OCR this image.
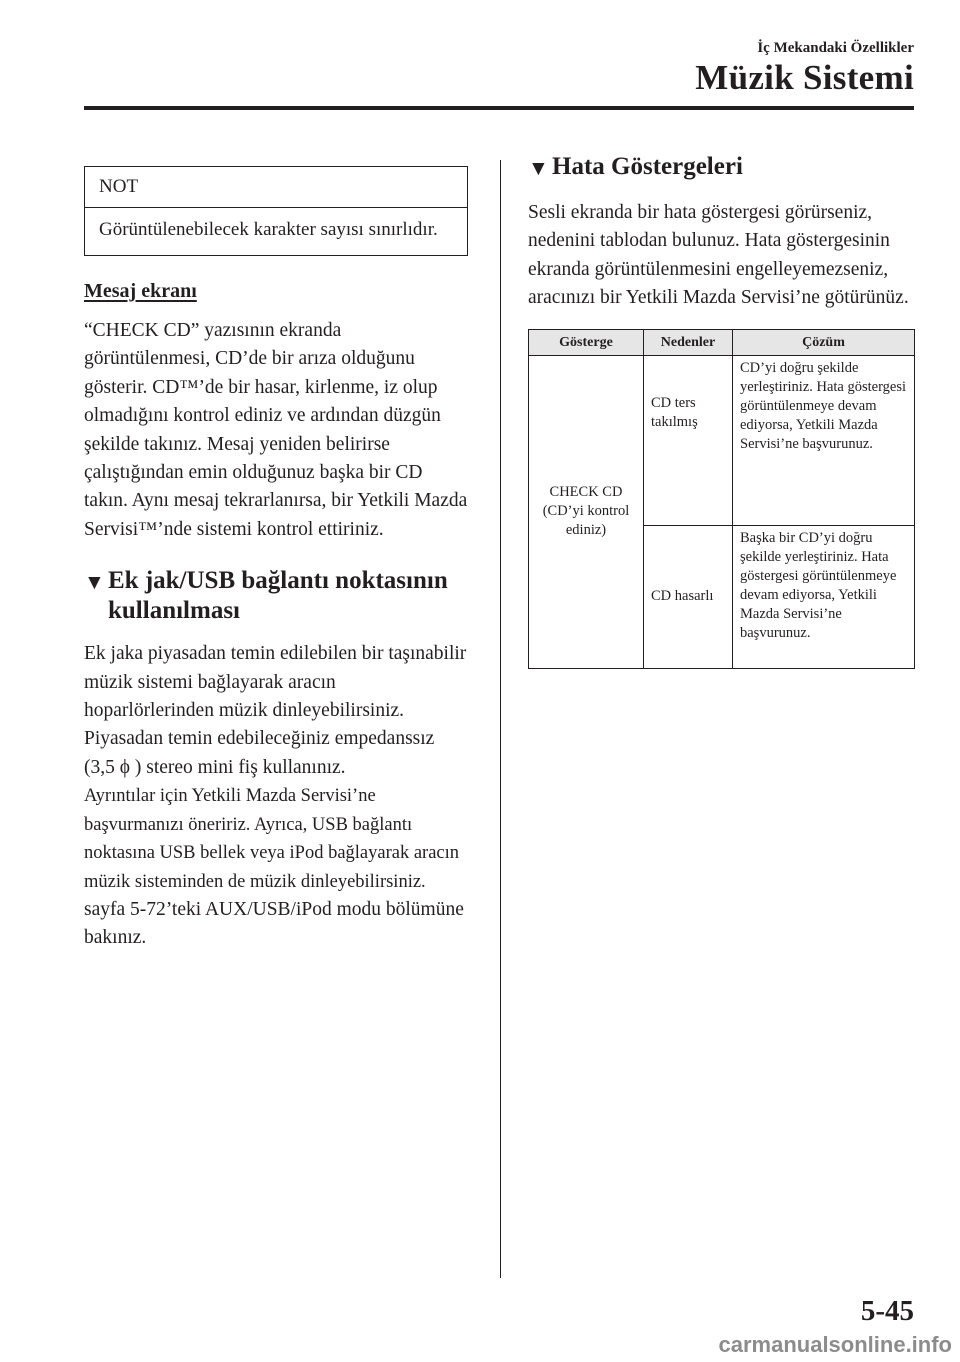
İç Mekandaki Özellikler
Müzik Sistemi
NOT
Görüntülenebilecek karakter sayısı sınırlıdır.
Mesaj ekranı
“CHECK CD” yazısının ekranda görüntülenmesi, CD’de bir arıza olduğunu gösterir. CD™’de bir hasar, kirlenme, iz olup olmadığını kontrol ediniz ve ardından düzgün şekilde takınız. Mesaj yeniden belirirse çalıştığından emin olduğunuz başka bir CD takın. Aynı mesaj tekrarlanırsa, bir Yetkili Mazda Servisi™’nde sistemi kontrol ettiriniz.
▼ Ek jak/USB bağlantı noktasının kullanılması
Ek jaka piyasadan temin edilebilen bir taşınabilir müzik sistemi bağlayarak aracın hoparlörlerinden müzik dinleyebilirsiniz. Piyasadan temin edebileceğiniz empedanssız (3,5 ϕ ) stereo mini fiş kullanınız.
Ayrıntılar için Yetkili Mazda Servisi’ne başvurmanızı öneririz. Ayrıca, USB bağlantı noktasına USB bellek veya iPod bağlayarak aracın müzik sisteminden de müzik dinleyebilirsiniz.
sayfa 5-72’teki AUX/USB/iPod modu bölümüne bakınız.
▼ Hata Göstergeleri
Sesli ekranda bir hata göstergesi görürseniz, nedenini tablodan bulunuz. Hata göstergesinin ekranda görüntülenmesini engelleyemezseniz, aracınızı bir Yetkili Mazda Servisi’ne götürünüz.
Gösterge	Nedenler	Çözüm
CHECK CD (CD’yi kontrol ediniz)	CD ters takılmış	CD’yi doğru şekilde yerleştiriniz. Hata göstergesi görüntülenmeye devam ediyorsa, Yetkili Mazda Servisi’ne başvurunuz.
	CD hasarlı	Başka bir CD’yi doğru şekilde yerleştiriniz. Hata göstergesi görüntülenmeye devam ediyorsa, Yetkili Mazda Servisi’ne başvurunuz.
5-45
carmanualsonline.info
